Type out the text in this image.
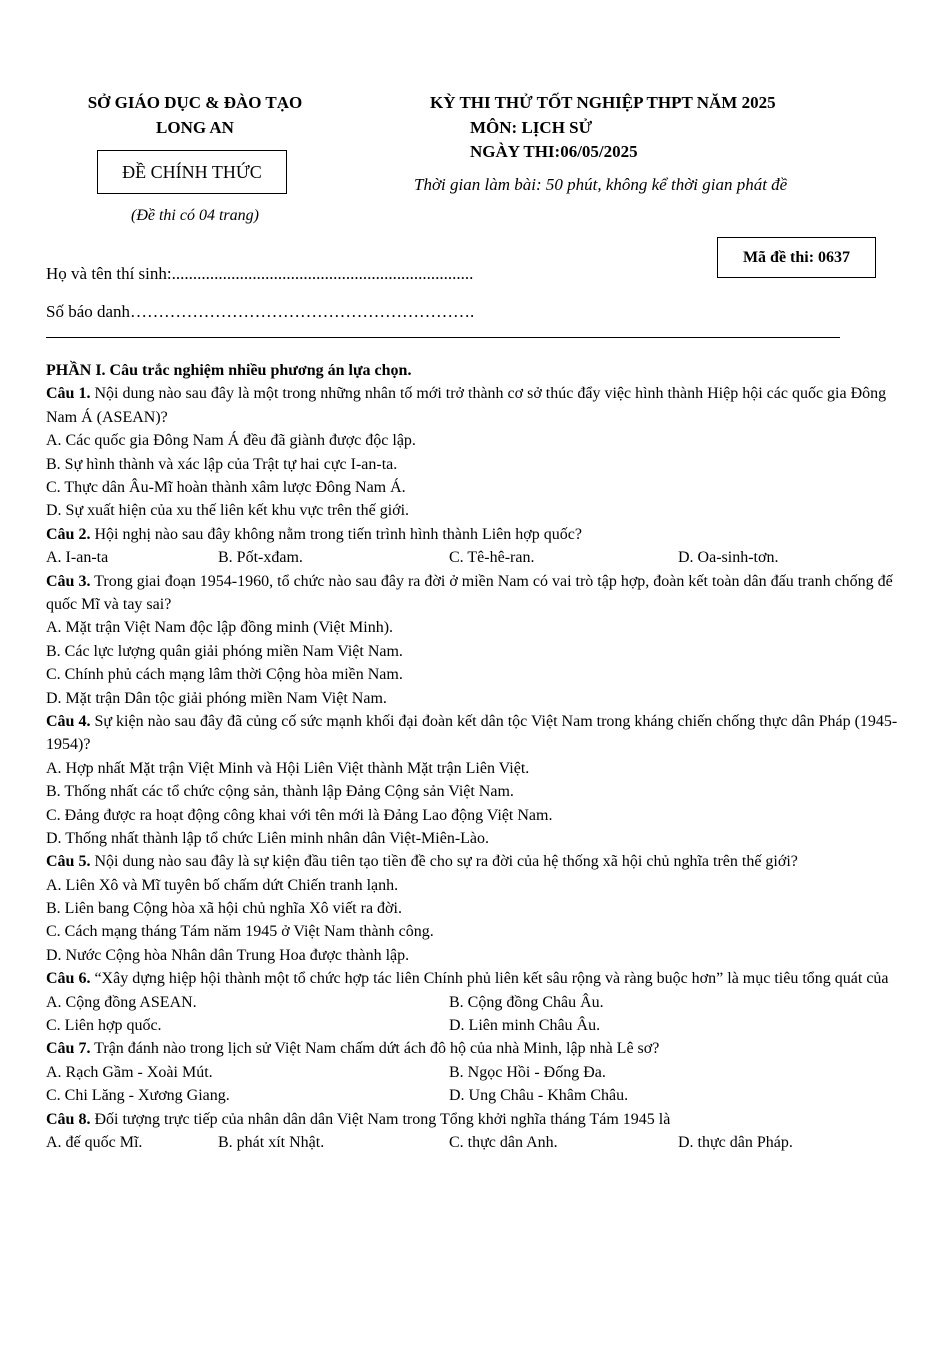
SỞ GIÁO DỤC & ĐÀO TẠO
LONG AN
ĐỀ CHÍNH THỨC
(Đề thi có 04 trang)
KỲ THI THỬ TỐT NGHIỆP THPT NĂM 2025
MÔN: LỊCH SỬ
NGÀY THI:06/05/2025
Thời gian làm bài: 50 phút, không kể thời gian phát đề
Mã đề thi: 0637
Họ và tên thí sinh:.......................................................................
Số báo danh…………………………………………………….
PHẦN I. Câu trắc nghiệm nhiều phương án lựa chọn.
Câu 1. Nội dung nào sau đây là một trong những nhân tố mới trở thành cơ sở thúc đẩy việc hình thành Hiệp hội các quốc gia Đông Nam Á (ASEAN)?
A. Các quốc gia Đông Nam Á đều đã giành được độc lập.
B. Sự hình thành và xác lập của Trật tự hai cực I-an-ta.
C. Thực dân Âu-Mĩ hoàn thành xâm lược Đông Nam Á.
D. Sự xuất hiện của xu thế liên kết khu vực trên thế giới.
Câu 2. Hội nghị nào sau đây không nằm trong tiến trình hình thành Liên hợp quốc?
A. I-an-ta	B. Pốt-xđam.	C. Tê-hê-ran.	D. Oa-sinh-tơn.
Câu 3. Trong giai đoạn 1954-1960, tổ chức nào sau đây ra đời ở miền Nam có vai trò tập hợp, đoàn kết toàn dân đấu tranh chống đế quốc Mĩ và tay sai?
A. Mặt trận Việt Nam độc lập đồng minh (Việt Minh).
B. Các lực lượng quân giải phóng miền Nam Việt Nam.
C. Chính phủ cách mạng lâm thời Cộng hòa miền Nam.
D. Mặt trận Dân tộc giải phóng miền Nam Việt Nam.
Câu 4. Sự kiện nào sau đây đã củng cố sức mạnh khối đại đoàn kết dân tộc Việt Nam trong kháng chiến chống thực dân Pháp (1945-1954)?
A. Hợp nhất Mặt trận Việt Minh và Hội Liên Việt thành Mặt trận Liên Việt.
B. Thống nhất các tổ chức cộng sản, thành lập Đảng Cộng sản Việt Nam.
C. Đảng được ra hoạt động công khai với tên mới là Đảng Lao động Việt Nam.
D. Thống nhất thành lập tổ chức Liên minh nhân dân Việt-Miên-Lào.
Câu 5. Nội dung nào sau đây là sự kiện đầu tiên tạo tiền đề cho sự ra đời của hệ thống xã hội chủ nghĩa trên thế giới?
A. Liên Xô và Mĩ tuyên bố chấm dứt Chiến tranh lạnh.
B. Liên bang Cộng hòa xã hội chủ nghĩa Xô viết ra đời.
C. Cách mạng tháng Tám năm 1945 ở Việt Nam thành công.
D. Nước Cộng hòa Nhân dân Trung Hoa được thành lập.
Câu 6. “Xây dựng hiệp hội thành một tổ chức hợp tác liên Chính phủ liên kết sâu rộng và ràng buộc hơn” là mục tiêu tổng quát của
A. Cộng đồng ASEAN.	B. Cộng đồng Châu Âu.
C. Liên hợp quốc.	D. Liên minh Châu Âu.
Câu 7. Trận đánh nào trong lịch sử Việt Nam chấm dứt ách đô hộ của nhà Minh, lập nhà Lê sơ?
A. Rạch Gầm - Xoài Mút.	B. Ngọc Hồi - Đống Đa.
C. Chi Lăng - Xương Giang.	D. Ung Châu - Khâm Châu.
Câu 8. Đối tượng trực tiếp của nhân dân dân Việt Nam trong Tổng khởi nghĩa tháng Tám 1945 là
A. đế quốc Mĩ.	B. phát xít Nhật.	C. thực dân Anh.	D. thực dân Pháp.
